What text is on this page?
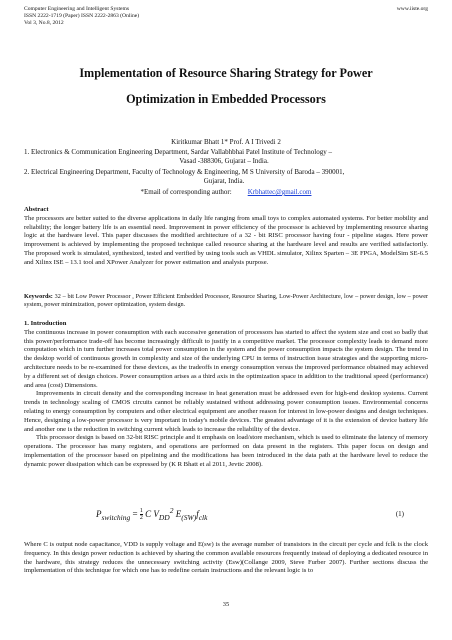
Computer Engineering and Intelligent Systems
ISSN 2222-1719 (Paper) ISSN 2222-2863 (Online)
Vol 3, No.8, 2012
www.iiste.org
Implementation of Resource Sharing Strategy for Power
Optimization in Embedded Processors
Kiritkumar Bhatt 1* Prof. A I Trivedi 2
1. Electronics & Communication Engineering Department, Sardar Vallabhbhai Patel Institute of Technology –
Vasad -388306, Gujarat – India.
2. Electrical Engineering Department, Faculty of Technology & Engineering, M S University of Baroda – 390001,
Gujarat, India.
*Email of corresponding author: Krbhattec@gmail.com
Abstract

The processors are better suited to the diverse applications in daily life ranging from small toys to complex automated systems. For better mobility and reliability; the longer battery life is an essential need. Improvement in power efficiency of the processor is achieved by implementing resource sharing logic at the hardware level. This paper discusses the modified architecture of a 32 - bit RISC processor having four - pipeline stages. Here power improvement is achieved by implementing the proposed technique called resource sharing at the hardware level and results are verified satisfactorily. The proposed work is simulated, synthesized, tested and verified by using tools such as VHDL simulator, Xilinx Sparten – 3E FPGA, ModelSim SE-6.5 and Xilinx ISE – 13.1 tool and XPower Analyzer for power estimation and analysis purpose.

Keywords: 32 – bit Low Power Processor , Power Efficient Embedded Processor, Resource Sharing, Low-Power Architecture, low – power design, low – power system, power minimization, power optimization, system design.
1. Introduction

The continuous increase in power consumption with each successive generation of processors has started to affect the system size and cost so badly that this power/performance trade-off has become increasingly difficult to justify in a competitive market. The processor complexity leads to demand more computation which in turn further increases total power consumption in the system and the power consumption impacts the system design. The trend in the desktop world of continuous growth in complexity and size of the underlying CPU in terms of instruction issue strategies and the supporting micro-architecture needs to be re-examined for these devices, as the tradeoffs in energy consumption versus the improved performance obtained may achieved by a different set of design choices. Power consumption arises as a third axis in the optimization space in addition to the traditional speed (performance) and area (cost) Dimensions.

Improvements in circuit density and the corresponding increase in heat generation must be addressed even for high-end desktop systems. Current trends in technology scaling of CMOS circuits cannot be reliably sustained without addressing power consumption issues. Environmental concerns relating to energy consumption by computers and other electrical equipment are another reason for interest in low-power designs and design techniques. Hence, designing a low-power processor is very important in today's mobile devices. The greatest advantage of it is the extension of device battery life and another one is the reduction in switching current which leads to increase the reliability of the device.

This processor design is based on 32-bit RISC principle and it emphasis on load/store mechanism, which is used to eliminate the latency of memory operations. The processor has many registers, and operations are performed on data present in the registers. This paper focus on design and implementation of the processor based on pipelining and the modifications has been introduced in the data path at the hardware level to reduce the dynamic power dissipation which can be expressed by (K R Bhatt et al 2011, Jevtic 2008).

$P_{switching} = \frac{1}{2}$ C $V_{DD}^2$ $E_{(SW)}f_{clk}$	(1)

Where C is output node capacitance, VDD is supply voltage and E(sw) is the average number of transistors in the circuit per cycle and fclk is the clock frequency. In this design power reduction is achieved by sharing the common available resources frequently instead of deploying a dedicated resource in the hardware, this strategy reduces the unnecessary switching activity (Esw)(Collange 2009, Steve Furber 2007). Further sections discuss the implementation of this technique for which one has to redefine certain instructions and the relevant logic is to

35
